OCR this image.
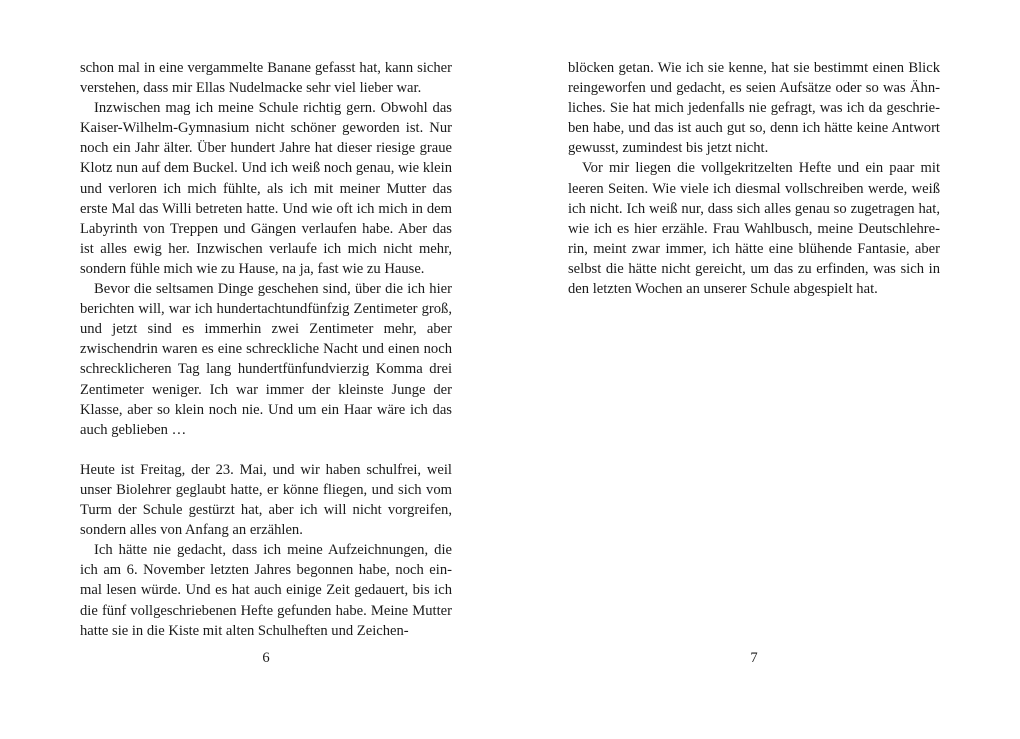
schon mal in eine vergammelte Banane gefasst hat, kann sicher verstehen, dass mir Ellas Nudelmacke sehr viel lieber war.

Inzwischen mag ich meine Schule richtig gern. Obwohl das Kaiser-Wilhelm-Gymnasium nicht schöner geworden ist. Nur noch ein Jahr älter. Über hundert Jahre hat dieser riesige graue Klotz nun auf dem Buckel. Und ich weiß noch genau, wie klein und verloren ich mich fühlte, als ich mit meiner Mutter das erste Mal das Willi betreten hatte. Und wie oft ich mich in dem Labyrinth von Treppen und Gängen verlaufen habe. Aber das ist alles ewig her. Inzwischen verlaufe ich mich nicht mehr, sondern fühle mich wie zu Hause, na ja, fast wie zu Hause.

Bevor die seltsamen Dinge geschehen sind, über die ich hier berichten will, war ich hundertachtundfünfzig Zentimeter groß, und jetzt sind es immerhin zwei Zentimeter mehr, aber zwischendrin waren es eine schreckliche Nacht und einen noch schrecklicheren Tag lang hundertfünfundvierzig Komma drei Zentimeter weniger. Ich war immer der kleinste Junge der Klasse, aber so klein noch nie. Und um ein Haar wäre ich das auch geblieben …

Heute ist Freitag, der 23. Mai, und wir haben schulfrei, weil unser Biolehrer geglaubt hatte, er könne fliegen, und sich vom Turm der Schule gestürzt hat, aber ich will nicht vorgreifen, sondern alles von Anfang an erzählen.

Ich hätte nie gedacht, dass ich meine Aufzeichnungen, die ich am 6. November letzten Jahres begonnen habe, noch einmal lesen würde. Und es hat auch einige Zeit gedauert, bis ich die fünf vollgeschriebenen Hefte gefunden habe. Meine Mutter hatte sie in die Kiste mit alten Schulheften und Zeichen-

blöcken getan. Wie ich sie kenne, hat sie bestimmt einen Blick reingeworfen und gedacht, es seien Aufsätze oder so was Ähnliches. Sie hat mich jedenfalls nie gefragt, was ich da geschrieben habe, und das ist auch gut so, denn ich hätte keine Antwort gewusst, zumindest bis jetzt nicht.

Vor mir liegen die vollgekritzelten Hefte und ein paar mit leeren Seiten. Wie viele ich diesmal vollschreiben werde, weiß ich nicht. Ich weiß nur, dass sich alles genau so zugetragen hat, wie ich es hier erzähle. Frau Wahlbusch, meine Deutschlehrerin, meint zwar immer, ich hätte eine blühende Fantasie, aber selbst die hätte nicht gereicht, um das zu erfinden, was sich in den letzten Wochen an unserer Schule abgespielt hat.

6	7
